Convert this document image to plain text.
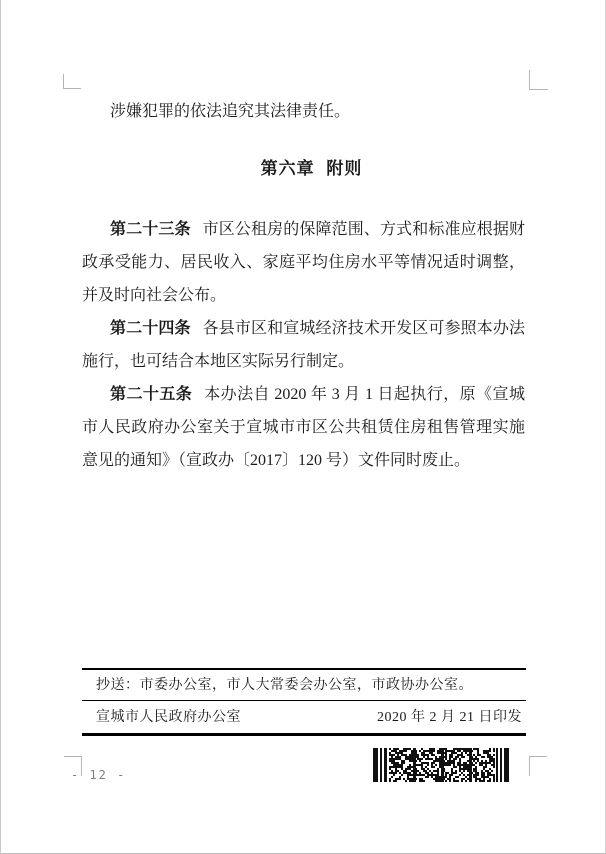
涉嫌犯罪的依法追究其法律责任。

第六章 附则

第二十三条 市区公租房的保障范围、方式和标准应根据财政承受能力、居民收入、家庭平均住房水平等情况适时调整，并及时向社会公布。

第二十四条 各县市区和宣城经济技术开发区可参照本办法施行，也可结合本地区实际另行制定。

第二十五条 本办法自 2020 年 3 月 1 日起执行，原《宣城市人民政府办公室关于宣城市市区公共租赁住房租售管理实施意见的通知》（宣政办〔2017〕120 号）文件同时废止。

抄送：市委办公室，市人大常委会办公室，市政协办公室。
宣城市人民政府办公室	2020 年 2 月 21 日印发
- 12 -
